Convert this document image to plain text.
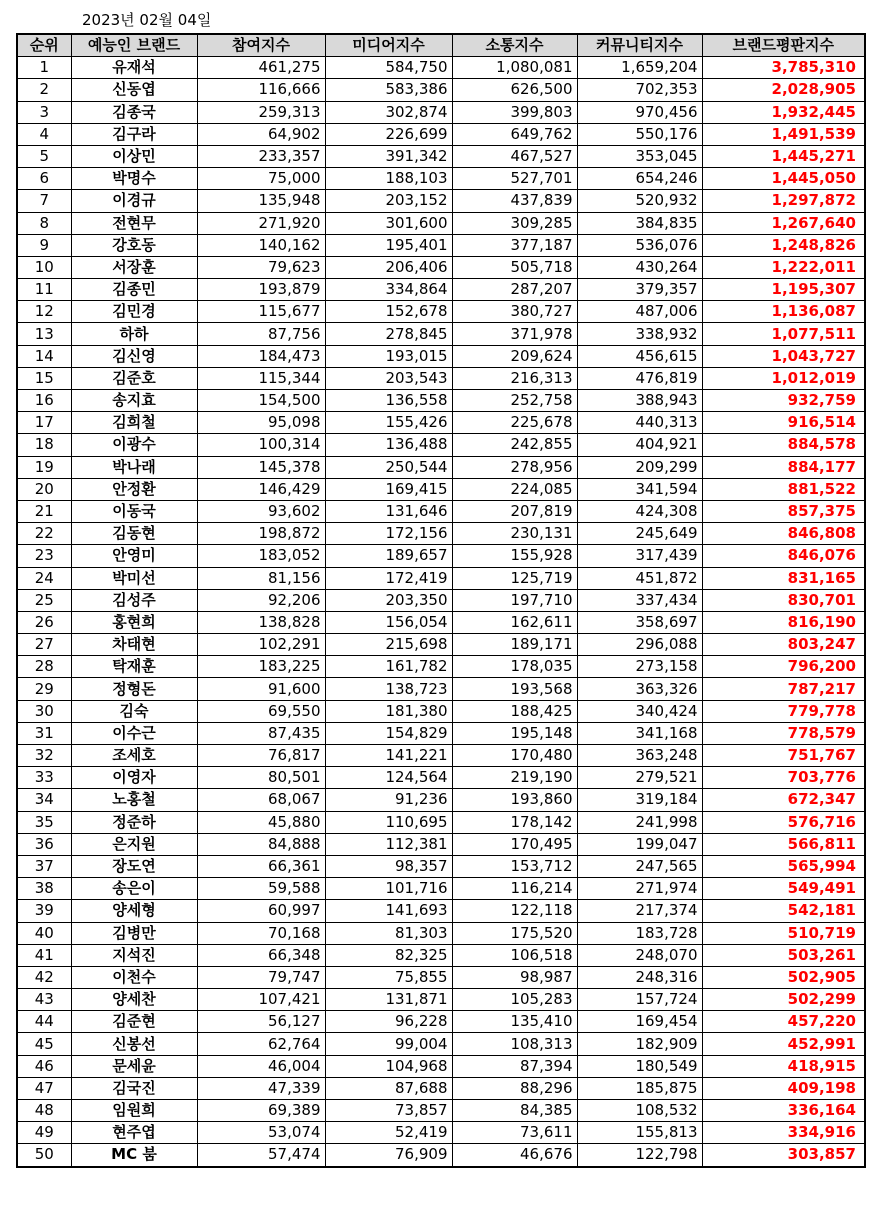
2023년 02월 04일
순위	예능인 브랜드	참여지수	미디어지수	소통지수	커뮤니티지수	브랜드평판지수
1	유재석	461,275	584,750	1,080,081	1,659,204	3,785,310
2	신동엽	116,666	583,386	626,500	702,353	2,028,905
3	김종국	259,313	302,874	399,803	970,456	1,932,445
4	김구라	64,902	226,699	649,762	550,176	1,491,539
5	이상민	233,357	391,342	467,527	353,045	1,445,271
6	박명수	75,000	188,103	527,701	654,246	1,445,050
7	이경규	135,948	203,152	437,839	520,932	1,297,872
8	전현무	271,920	301,600	309,285	384,835	1,267,640
9	강호동	140,162	195,401	377,187	536,076	1,248,826
10	서장훈	79,623	206,406	505,718	430,264	1,222,011
11	김종민	193,879	334,864	287,207	379,357	1,195,307
12	김민경	115,677	152,678	380,727	487,006	1,136,087
13	하하	87,756	278,845	371,978	338,932	1,077,511
14	김신영	184,473	193,015	209,624	456,615	1,043,727
15	김준호	115,344	203,543	216,313	476,819	1,012,019
16	송지효	154,500	136,558	252,758	388,943	932,759
17	김희철	95,098	155,426	225,678	440,313	916,514
18	이광수	100,314	136,488	242,855	404,921	884,578
19	박나래	145,378	250,544	278,956	209,299	884,177
20	안정환	146,429	169,415	224,085	341,594	881,522
21	이동국	93,602	131,646	207,819	424,308	857,375
22	김동현	198,872	172,156	230,131	245,649	846,808
23	안영미	183,052	189,657	155,928	317,439	846,076
24	박미선	81,156	172,419	125,719	451,872	831,165
25	김성주	92,206	203,350	197,710	337,434	830,701
26	홍현희	138,828	156,054	162,611	358,697	816,190
27	차태현	102,291	215,698	189,171	296,088	803,247
28	탁재훈	183,225	161,782	178,035	273,158	796,200
29	정형돈	91,600	138,723	193,568	363,326	787,217
30	김숙	69,550	181,380	188,425	340,424	779,778
31	이수근	87,435	154,829	195,148	341,168	778,579
32	조세호	76,817	141,221	170,480	363,248	751,767
33	이영자	80,501	124,564	219,190	279,521	703,776
34	노홍철	68,067	91,236	193,860	319,184	672,347
35	정준하	45,880	110,695	178,142	241,998	576,716
36	은지원	84,888	112,381	170,495	199,047	566,811
37	장도연	66,361	98,357	153,712	247,565	565,994
38	송은이	59,588	101,716	116,214	271,974	549,491
39	양세형	60,997	141,693	122,118	217,374	542,181
40	김병만	70,168	81,303	175,520	183,728	510,719
41	지석진	66,348	82,325	106,518	248,070	503,261
42	이천수	79,747	75,855	98,987	248,316	502,905
43	양세찬	107,421	131,871	105,283	157,724	502,299
44	김준현	56,127	96,228	135,410	169,454	457,220
45	신봉선	62,764	99,004	108,313	182,909	452,991
46	문세윤	46,004	104,968	87,394	180,549	418,915
47	김국진	47,339	87,688	88,296	185,875	409,198
48	임원희	69,389	73,857	84,385	108,532	336,164
49	현주엽	53,074	52,419	73,611	155,813	334,916
50	MC 붐	57,474	76,909	46,676	122,798	303,857
